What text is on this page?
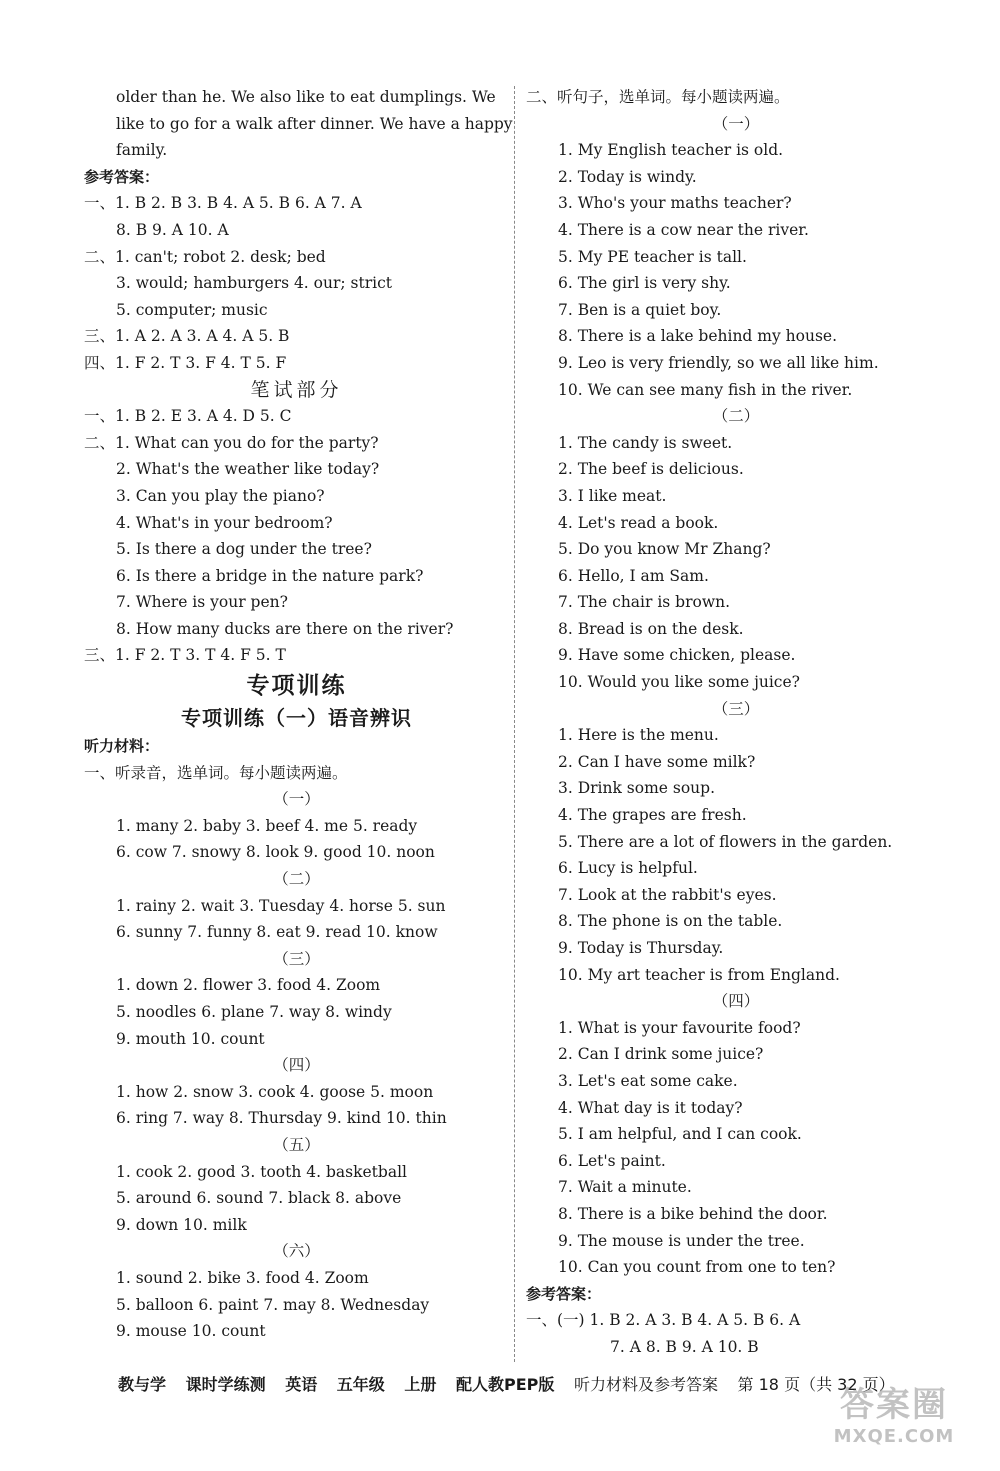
older than he. We also like to eat dumplings. We
like to go for a walk after dinner. We have a happy
family.
参考答案：
一、1. B 2. B 3. B 4. A 5. B 6. A 7. A
8. B 9. A 10. A
二、1. can't; robot 2. desk; bed
3. would; hamburgers 4. our; strict
5. computer; music
三、1. A 2. A 3. A 4. A 5. B
四、1. F 2. T 3. F 4. T 5. F
笔试部分
一、1. B 2. E 3. A 4. D 5. C
二、1. What can you do for the party?
2. What's the weather like today?
3. Can you play the piano?
4. What's in your bedroom?
5. Is there a dog under the tree?
6. Is there a bridge in the nature park?
7. Where is your pen?
8. How many ducks are there on the river?
三、1. F 2. T 3. T 4. F 5. T
专项训练
专项训练（一）语音辨识
听力材料：
一、听录音，选单词。每小题读两遍。
（一）
1. many 2. baby 3. beef 4. me 5. ready
6. cow 7. snowy 8. look 9. good 10. noon
（二）
1. rainy 2. wait 3. Tuesday 4. horse 5. sun
6. sunny 7. funny 8. eat 9. read 10. know
（三）
1. down 2. flower 3. food 4. Zoom
5. noodles 6. plane 7. way 8. windy
9. mouth 10. count
（四）
1. how 2. snow 3. cook 4. goose 5. moon
6. ring 7. way 8. Thursday 9. kind 10. thin
（五）
1. cook 2. good 3. tooth 4. basketball
5. around 6. sound 7. black 8. above
9. down 10. milk
（六）
1. sound 2. bike 3. food 4. Zoom
5. balloon 6. paint 7. may 8. Wednesday
9. mouse 10. count
二、听句子，选单词。每小题读两遍。
（一）
1. My English teacher is old.
2. Today is windy.
3. Who's your maths teacher?
4. There is a cow near the river.
5. My PE teacher is tall.
6. The girl is very shy.
7. Ben is a quiet boy.
8. There is a lake behind my house.
9. Leo is very friendly, so we all like him.
10. We can see many fish in the river.
（二）
1. The candy is sweet.
2. The beef is delicious.
3. I like meat.
4. Let's read a book.
5. Do you know Mr Zhang?
6. Hello, I am Sam.
7. The chair is brown.
8. Bread is on the desk.
9. Have some chicken, please.
10. Would you like some juice?
（三）
1. Here is the menu.
2. Can I have some milk?
3. Drink some soup.
4. The grapes are fresh.
5. There are a lot of flowers in the garden.
6. Lucy is helpful.
7. Look at the rabbit's eyes.
8. The phone is on the table.
9. Today is Thursday.
10. My art teacher is from England.
（四）
1. What is your favourite food?
2. Can I drink some juice?
3. Let's eat some cake.
4. What day is it today?
5. I am helpful, and I can cook.
6. Let's paint.
7. Wait a minute.
8. There is a bike behind the door.
9. The mouse is under the tree.
10. Can you count from one to ten?
参考答案：
一、(一) 1. B 2. A 3. B 4. A 5. B 6. A
7. A 8. B 9. A 10. B
教与学 课时学练测 英语 五年级 上册 配人教PEP版 听力材料及参考答案 第 18 页（共 32 页）
答案圈
MXQE.COM
